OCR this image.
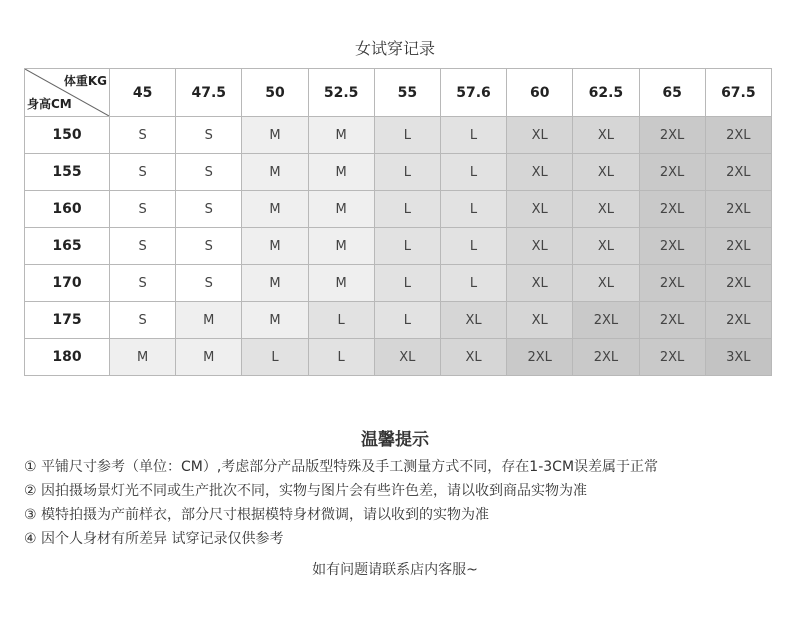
女试穿记录
体重KG
身高CM	45	47.5	50	52.5	55	57.6	60	62.5	65	67.5
150	S	S	M	M	L	L	XL	XL	2XL	2XL
155	S	S	M	M	L	L	XL	XL	2XL	2XL
160	S	S	M	M	L	L	XL	XL	2XL	2XL
165	S	S	M	M	L	L	XL	XL	2XL	2XL
170	S	S	M	M	L	L	XL	XL	2XL	2XL
175	S	M	M	L	L	XL	XL	2XL	2XL	2XL
180	M	M	L	L	XL	XL	2XL	2XL	2XL	3XL
温馨提示
① 平铺尺寸参考（单位：CM）,考虑部分产品版型特殊及手工测量方式不同，存在1-3CM误差属于正常
② 因拍摄场景灯光不同或生产批次不同，实物与图片会有些许色差，请以收到商品实物为准
③ 模特拍摄为产前样衣，部分尺寸根据模特身材微调，请以收到的实物为准
④ 因个人身材有所差异 试穿记录仅供参考
如有问题请联系店内客服~
